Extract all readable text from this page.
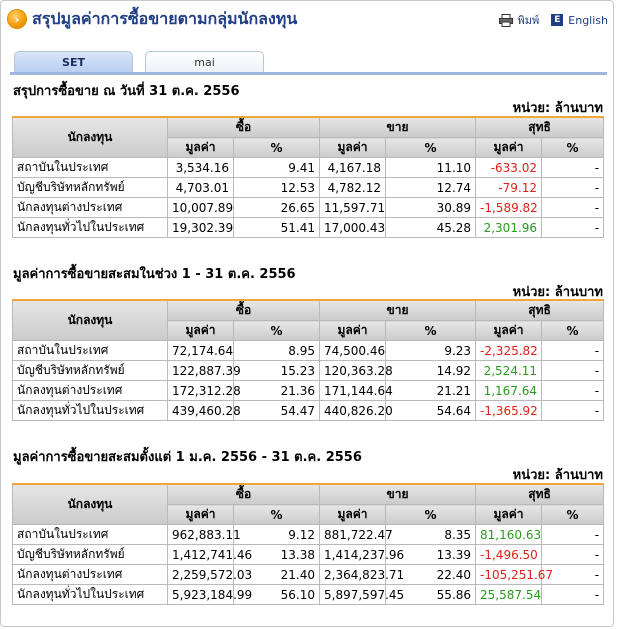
› สรุปมูลค่าการซื้อขายตามกลุ่มนักลงทุน	พิมพ์	E English
SET	mai
สรุปการซื้อขาย ณ วันที่ 31 ต.ค. 2556
หน่วย: ล้านบาท
นักลงทุน	ซื้อ		ขาย		สุทธิ	
	มูลค่า	%	มูลค่า	%	มูลค่า	%
สถาบันในประเทศ	3,534.16	9.41	4,167.18	11.10	-633.02	-
บัญชีบริษัทหลักทรัพย์	4,703.01	12.53	4,782.12	12.74	-79.12	-
นักลงทุนต่างประเทศ	10,007.89	26.65	11,597.71	30.89	-1,589.82	-
นักลงทุนทั่วไปในประเทศ	19,302.39	51.41	17,000.43	45.28	2,301.96	-
มูลค่าการซื้อขายสะสมในช่วง 1 - 31 ต.ค. 2556
หน่วย: ล้านบาท
นักลงทุน	ซื้อ		ขาย		สุทธิ	
	มูลค่า	%	มูลค่า	%	มูลค่า	%
สถาบันในประเทศ	72,174.64	8.95	74,500.46	9.23	-2,325.82	-
บัญชีบริษัทหลักทรัพย์	122,887.39	15.23	120,363.28	14.92	2,524.11	-
นักลงทุนต่างประเทศ	172,312.28	21.36	171,144.64	21.21	1,167.64	-
นักลงทุนทั่วไปในประเทศ	439,460.28	54.47	440,826.20	54.64	-1,365.92	-
มูลค่าการซื้อขายสะสมตั้งแต่ 1 ม.ค. 2556 - 31 ต.ค. 2556
หน่วย: ล้านบาท
นักลงทุน	ซื้อ		ขาย		สุทธิ	
	มูลค่า	%	มูลค่า	%	มูลค่า	%
สถาบันในประเทศ	962,883.11	9.12	881,722.47	8.35	81,160.63	-
บัญชีบริษัทหลักทรัพย์	1,412,741.46	13.38	1,414,237.96	13.39	-1,496.50	-
นักลงทุนต่างประเทศ	2,259,572.03	21.40	2,364,823.71	22.40	-105,251.67	-
นักลงทุนทั่วไปในประเทศ	5,923,184.99	56.10	5,897,597.45	55.86	25,587.54	-
